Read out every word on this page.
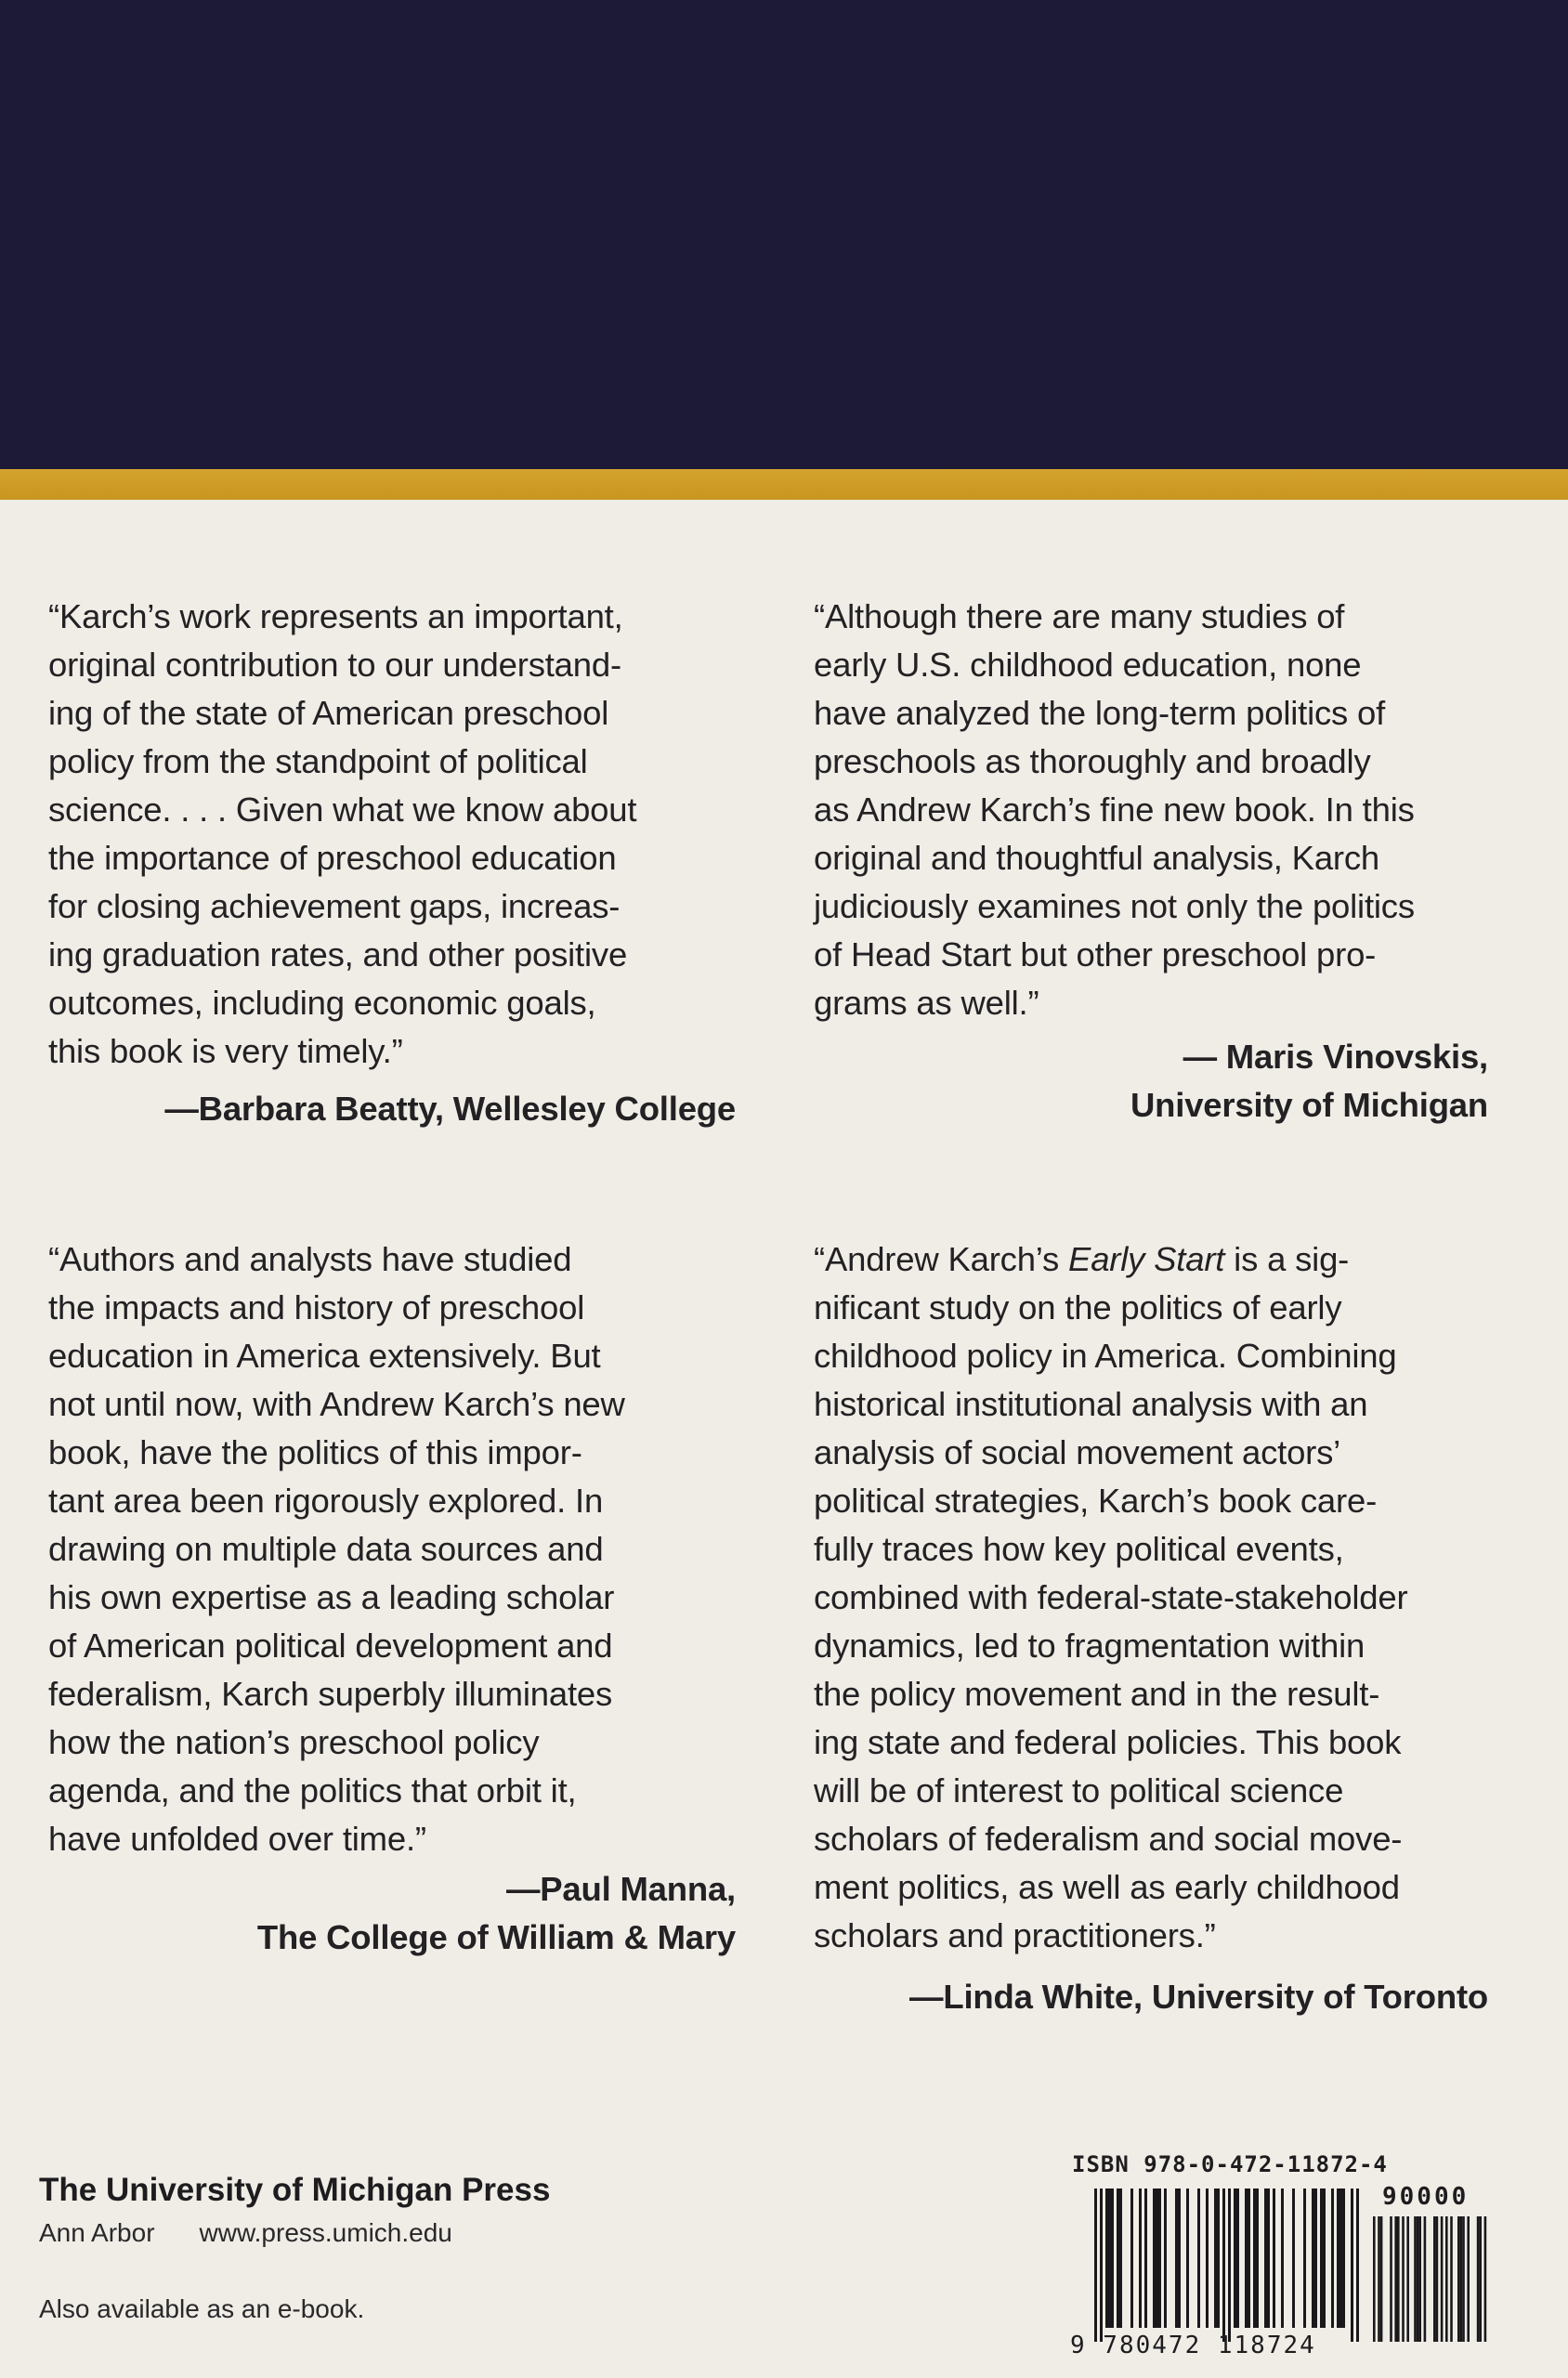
“Karch’s work represents an important,

original contribution to our understand-

ing of the state of American preschool

policy from the standpoint of political

science. . . . Given what we know about

the importance of preschool education

for closing achievement gaps, increas-

ing graduation rates, and other positive

outcomes, including economic goals,

this book is very timely.”

—Barbara Beatty, Wellesley College

“Although there are many studies of

early U.S. childhood education, none

have analyzed the long-term politics of

preschools as thoroughly and broadly

as Andrew Karch’s fine new book. In this

original and thoughtful analysis, Karch

judiciously examines not only the politics

of Head Start but other preschool pro-

grams as well.”

— Maris Vinovskis,

University of Michigan

“Authors and analysts have studied

the impacts and history of preschool

education in America extensively. But

not until now, with Andrew Karch’s new

book, have the politics of this impor-

tant area been rigorously explored. In

drawing on multiple data sources and

his own expertise as a leading scholar

of American political development and

federalism, Karch superbly illuminates

how the nation’s preschool policy

agenda, and the politics that orbit it,

have unfolded over time.”

—Paul Manna,

The College of William & Mary

“Andrew Karch’s Early Start is a sig-

nificant study on the politics of early

childhood policy in America. Combining

historical institutional analysis with an

analysis of social movement actors’

political strategies, Karch’s book care-

fully traces how key political events,

combined with federal-state-stakeholder

dynamics, led to fragmentation within

the policy movement and in the result-

ing state and federal policies. This book

will be of interest to political science

scholars of federalism and social move-

ment politics, as well as early childhood

scholars and practitioners.”

—Linda White, University of Toronto

The University of Michigan Press
Ann Arbor www.press.umich.edu
Also available as an e-book.
ISBN 978-0-472-11872-4
90000
9 780472 118724
